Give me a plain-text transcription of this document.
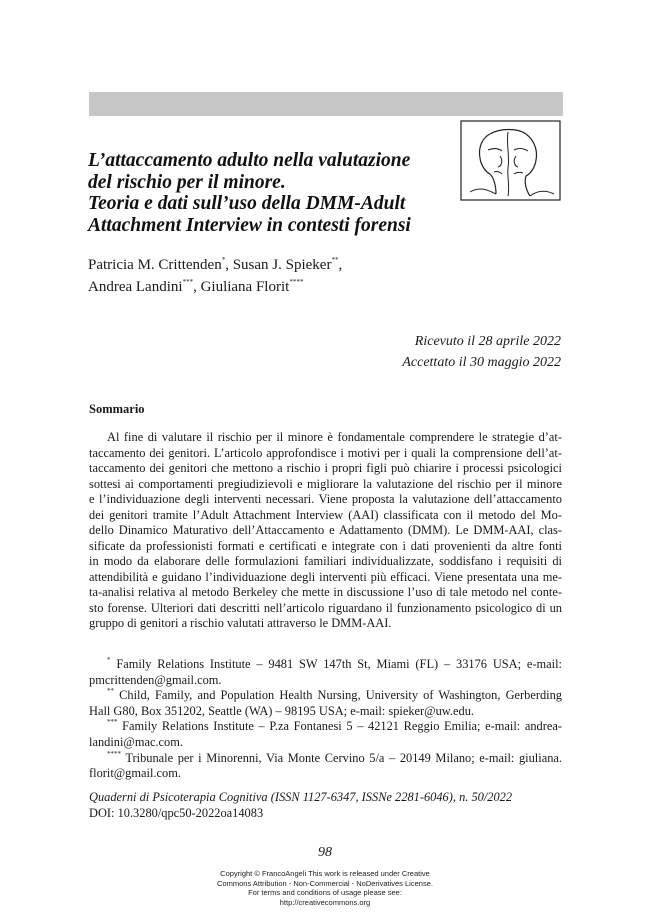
L’attaccamento adulto nella valutazione
del rischio per il minore.
Teoria e dati sull’uso della DMM-Adult
Attachment Interview in contesti forensi
Patricia M. Crittenden*, Susan J. Spieker**,
Andrea Landini***, Giuliana Florit****
Ricevuto il 28 aprile 2022
Accettato il 30 maggio 2022
Sommario
Al fine di valutare il rischio per il minore è fondamentale comprendere le strategie d’at-
taccamento dei genitori. L’articolo approfondisce i motivi per i quali la comprensione dell’at-
taccamento dei genitori che mettono a rischio i propri figli può chiarire i processi psicologici
sottesi ai comportamenti pregiudizievoli e migliorare la valutazione del rischio per il minore
e l’individuazione degli interventi necessari. Viene proposta la valutazione dell’attaccamento
dei genitori tramite l’Adult Attachment Interview (AAI) classificata con il metodo del Mo-
dello Dinamico Maturativo dell’Attaccamento e Adattamento (DMM). Le DMM-AAI, clas-
sificate da professionisti formati e certificati e integrate con i dati provenienti da altre fonti
in modo da elaborare delle formulazioni familiari individualizzate, soddisfano i requisiti di
attendibilità e guidano l’individuazione degli interventi più efficaci. Viene presentata una me-
ta-analisi relativa al metodo Berkeley che mette in discussione l’uso di tale metodo nel conte-
sto forense. Ulteriori dati descritti nell’articolo riguardano il funzionamento psicologico di un
gruppo di genitori a rischio valutati attraverso le DMM-AAI.
* Family Relations Institute – 9481 SW 147th St, Miami (FL) – 33176 USA; e-mail:
pmcrittenden@gmail.com.
** Child, Family, and Population Health Nursing, University of Washington, Gerberding
Hall G80, Box 351202, Seattle (WA) – 98195 USA; e-mail: spieker@uw.edu.
*** Family Relations Institute – P.za Fontanesi 5 – 42121 Reggio Emilia; e-mail: andrea-
landini@mac.com.
**** Tribunale per i Minorenni, Via Monte Cervino 5/a – 20149 Milano; e-mail: giuliana.
florit@gmail.com.
Quaderni di Psicoterapia Cognitiva (ISSN 1127-6347, ISSNe 2281-6046), n. 50/2022
DOI: 10.3280/qpc50-2022oa14083
98
Copyright © FrancoAngeli This work is released under Creative
Commons Attribution - Non-Commercial - NoDerivatives License.
For terms and conditions of usage please see:
http://creativecommons.org
